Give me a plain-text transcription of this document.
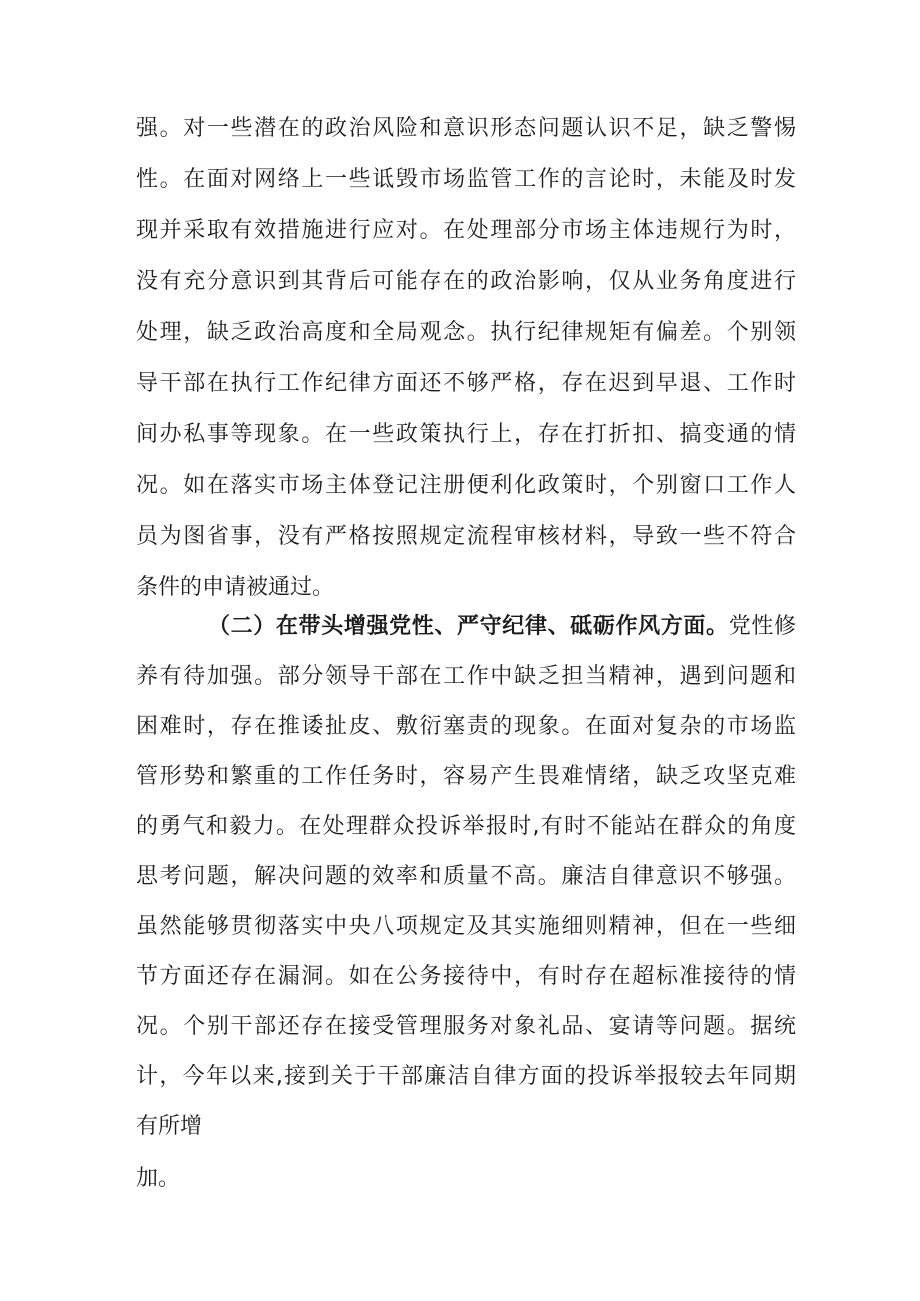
强。对一些潜在的政治风险和意识形态问题认识不足，缺乏警惕

性。在面对网络上一些诋毁市场监管工作的言论时，未能及时发

现并采取有效措施进行应对。在处理部分市场主体违规行为时，

没有充分意识到其背后可能存在的政治影响，仅从业务角度进行

处理，缺乏政治高度和全局观念。执行纪律规矩有偏差。个别领

导干部在执行工作纪律方面还不够严格，存在迟到早退、工作时

间办私事等现象。在一些政策执行上，存在打折扣、搞变通的情

况。如在落实市场主体登记注册便利化政策时，个别窗口工作人

员为图省事，没有严格按照规定流程审核材料，导致一些不符合

条件的申请被通过。

（二）在带头增强党性、严守纪律、砥砺作风方面。党性修

养有待加强。部分领导干部在工作中缺乏担当精神，遇到问题和

困难时，存在推诿扯皮、敷衍塞责的现象。在面对复杂的市场监

管形势和繁重的工作任务时，容易产生畏难情绪，缺乏攻坚克难

的勇气和毅力。在处理群众投诉举报时,有时不能站在群众的角度

思考问题，解决问题的效率和质量不高。廉洁自律意识不够强。

虽然能够贯彻落实中央八项规定及其实施细则精神，但在一些细

节方面还存在漏洞。如在公务接待中，有时存在超标准接待的情

况。个别干部还存在接受管理服务对象礼品、宴请等问题。据统

计，今年以来,接到关于干部廉洁自律方面的投诉举报较去年同期

有所增

加。
